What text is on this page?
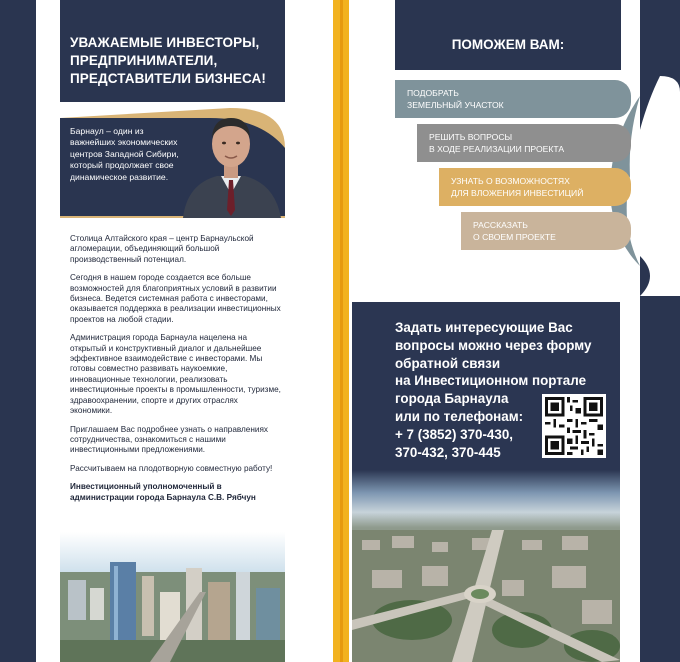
УВАЖАЕМЫЕ ИНВЕСТОРЫ, ПРЕДПРИНИМАТЕЛИ, ПРЕДСТАВИТЕЛИ БИЗНЕСА!
Барнаул – один из важнейших экономических центров Западной Сибири, который продолжает свое динамическое развитие.

Столица Алтайского края – центр Барнаульской агломерации, объединяющий большой производственный потенциал.

Сегодня в нашем городе создается все больше возможностей для благоприятных условий в развитии бизнеса. Ведется системная работа с инвесторами, оказывается поддержка в реализации инвестиционных проектов на любой стадии.

Администрация города Барнаула нацелена на открытый и конструктивный диалог и дальнейшее эффективное взаимодействие с инвесторами. Мы готовы совместно развивать наукоемкие, инновационные технологии, реализовать инвестиционные проекты в промышленности, туризме, здравоохранении, спорте и других отраслях экономики.

Приглашаем Вас подробнее узнать о направлениях сотрудничества, ознакомиться с нашими инвестиционными предложениями.

Рассчитываем на плодотворную совместную работу!

Инвестиционный уполномоченный в администрации города Барнаула С.В. Рябчун

ПОМОЖЕМ ВАМ:
ПОДОБРАТЬ
ЗЕМЕЛЬНЫЙ УЧАСТОК
РЕШИТЬ ВОПРОСЫ
В ХОДЕ РЕАЛИЗАЦИИ ПРОЕКТА
УЗНАТЬ О ВОЗМОЖНОСТЯХ
ДЛЯ ВЛОЖЕНИЯ ИНВЕСТИЦИЙ
РАССКАЗАТЬ
О СВОЕМ ПРОЕКТЕ
Задать интересующие Вас
вопросы можно через форму
обратной связи
на Инвестиционном портале
города Барнаула
или по телефонам:
+ 7 (3852) 370-430,
370-432, 370-445
